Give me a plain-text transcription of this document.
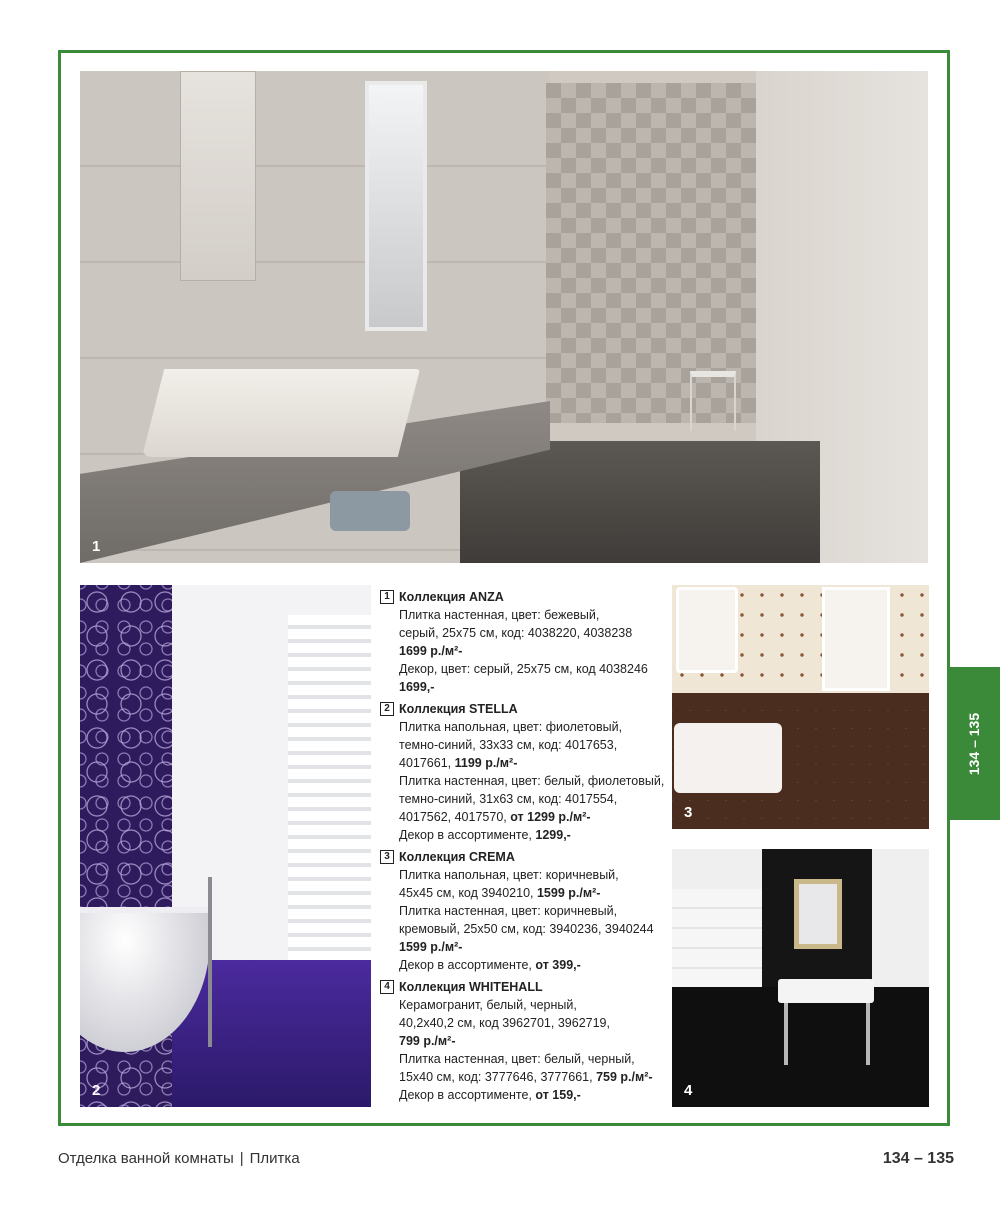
1
2
1 Коллекция ANZA
Плитка настенная, цвет: бежевый,
серый, 25х75 см, код: 4038220, 4038238
1699 р./м²-
Декор, цвет: серый, 25х75 см, код 4038246
1699,-
2 Коллекция STELLA
Плитка напольная, цвет: фиолетовый,
темно-синий, 33х33 см, код: 4017653,
4017661, 1199 р./м²-
Плитка настенная, цвет: белый, фиолетовый,
темно-синий, 31х63 см, код: 4017554,
4017562, 4017570, от 1299 р./м²-
Декор в ассортименте, 1299,-
3 Коллекция CREMA
Плитка напольная, цвет: коричневый,
45х45 см, код 3940210, 1599 р./м²-
Плитка настенная, цвет: коричневый,
кремовый, 25х50 см, код: 3940236, 3940244
1599 р./м²-
Декор в ассортименте, от 399,-
4 Коллекция WHITEHALL
Керамогранит, белый, черный,
40,2х40,2 см, код 3962701, 3962719,
799 р./м²-
Плитка настенная, цвет: белый, черный,
15х40 см, код: 3777646, 3777661, 759 р./м²-
Декор в ассортименте, от 159,-
3
4
134 – 135
Отделка ванной комнаты | Плитка	134 – 135
